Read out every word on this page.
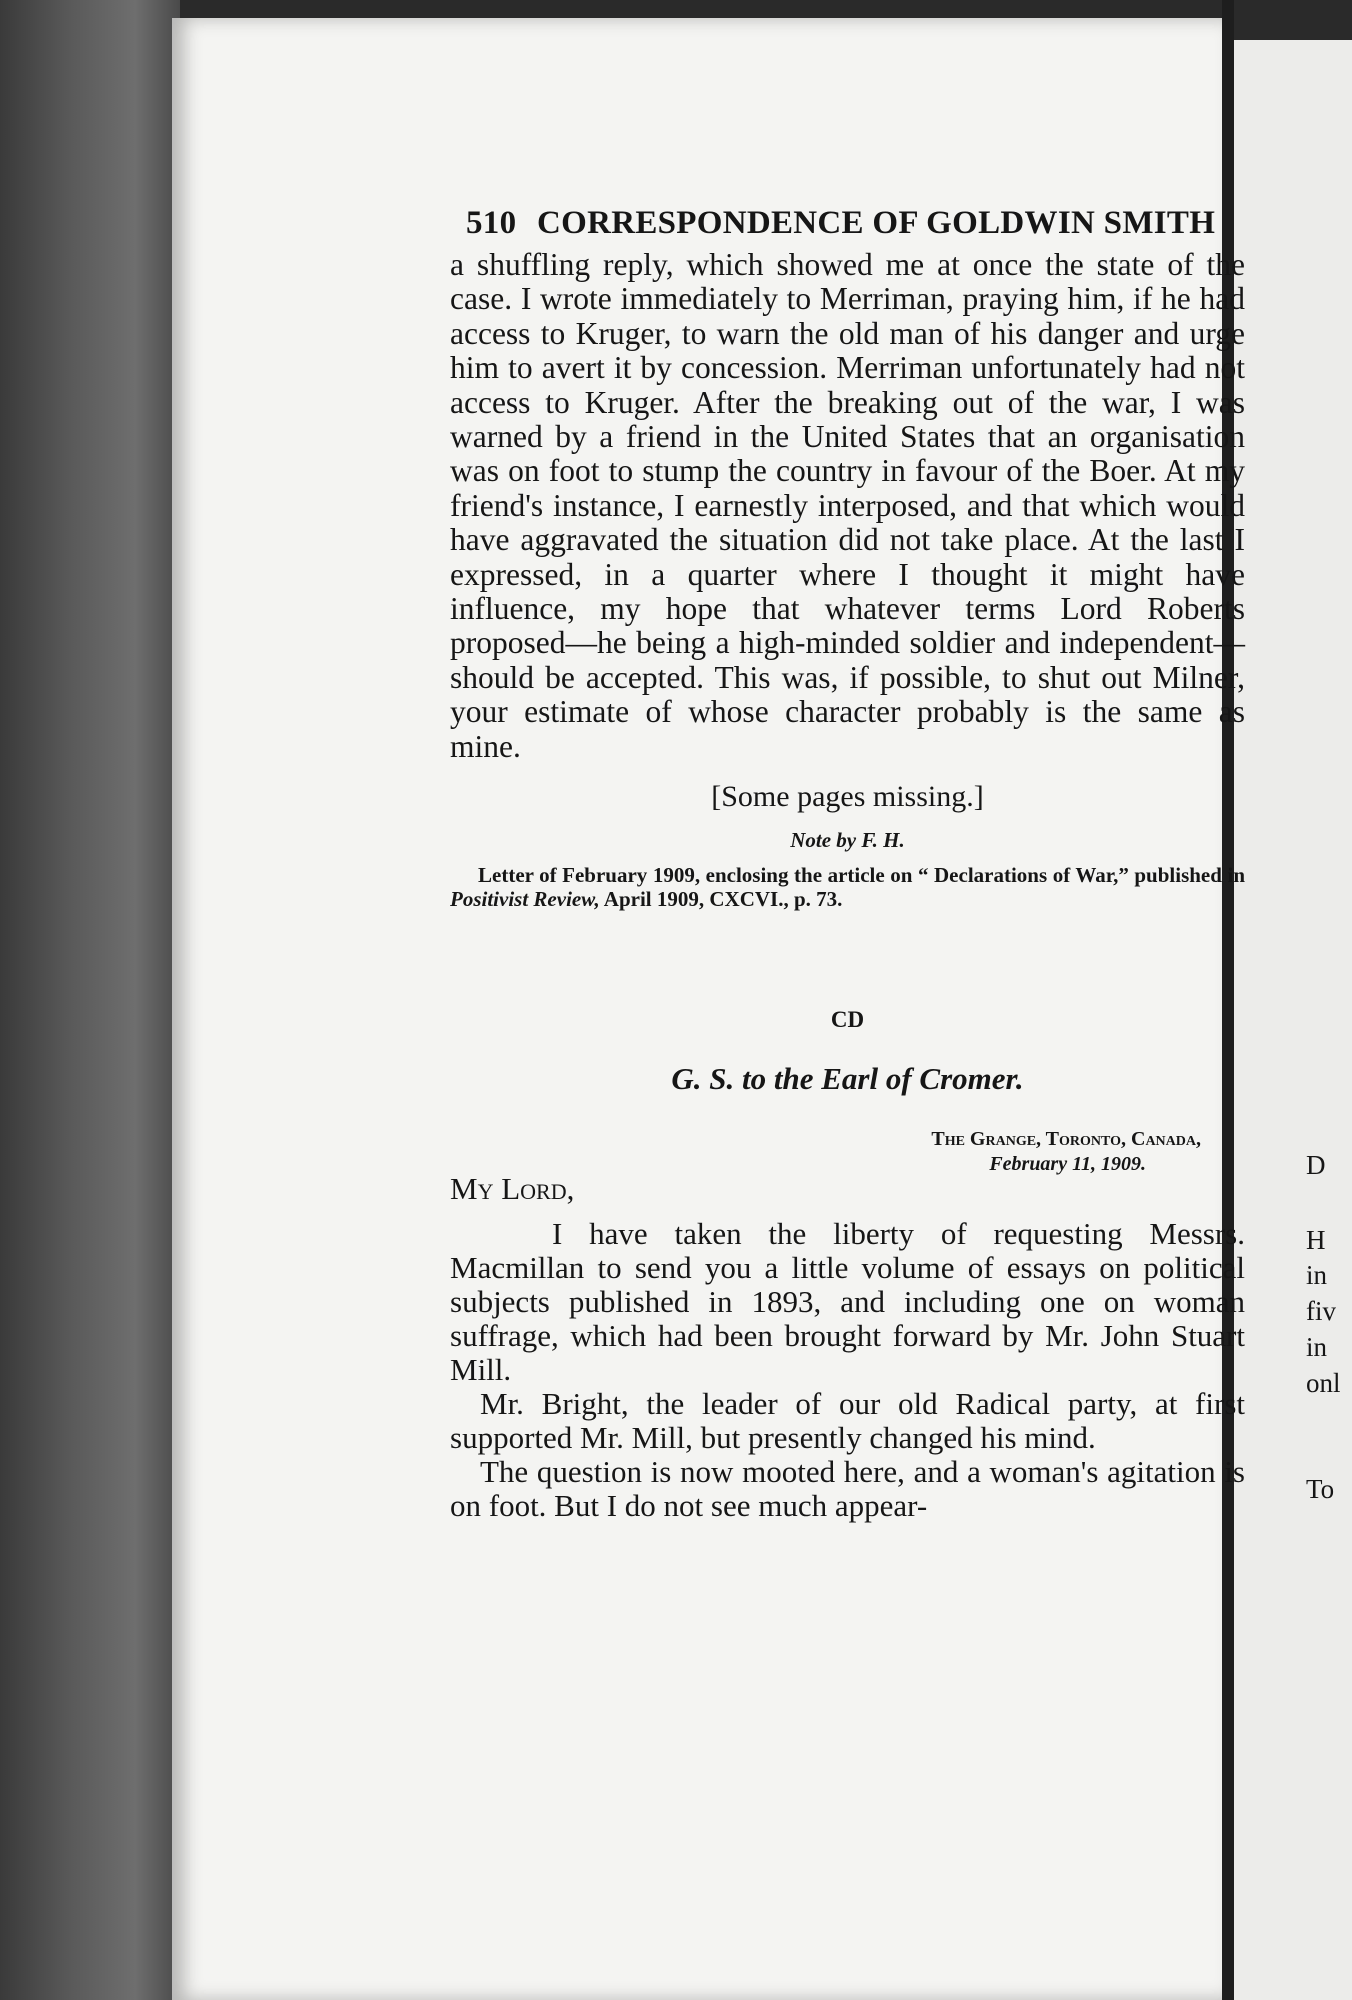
510 CORRESPONDENCE OF GOLDWIN SMITH

a shuffling reply, which showed me at once the state of the case. I wrote immediately to Merriman, praying him, if he had access to Kruger, to warn the old man of his danger and urge him to avert it by concession. Merriman unfortunately had not access to Kruger. After the breaking out of the war, I was warned by a friend in the United States that an organisation was on foot to stump the country in favour of the Boer. At my friend's instance, I earnestly interposed, and that which would have aggravated the situation did not take place. At the last I expressed, in a quarter where I thought it might have influence, my hope that whatever terms Lord Roberts proposed—he being a high-minded soldier and independent—should be accepted. This was, if possible, to shut out Milner, your estimate of whose character probably is the same as mine.

[Some pages missing.]

Note by F. H.

Letter of February 1909, enclosing the article on “ Declarations of War,” published in Positivist Review, April 1909, CXCVI., p. 73.

CD
G. S. to the Earl of Cromer.
The Grange, Toronto, Canada,
February 11, 1909.
My Lord,

I have taken the liberty of requesting Messrs. Macmillan to send you a little volume of essays on political subjects published in 1893, and including one on woman suffrage, which had been brought forward by Mr. John Stuart Mill.

Mr. Bright, the leader of our old Radical party, at first supported Mr. Mill, but presently changed his mind.

The question is now mooted here, and a woman's agitation is on foot. But I do not see much appear-

D
H
in
fiv
in
onl
To
